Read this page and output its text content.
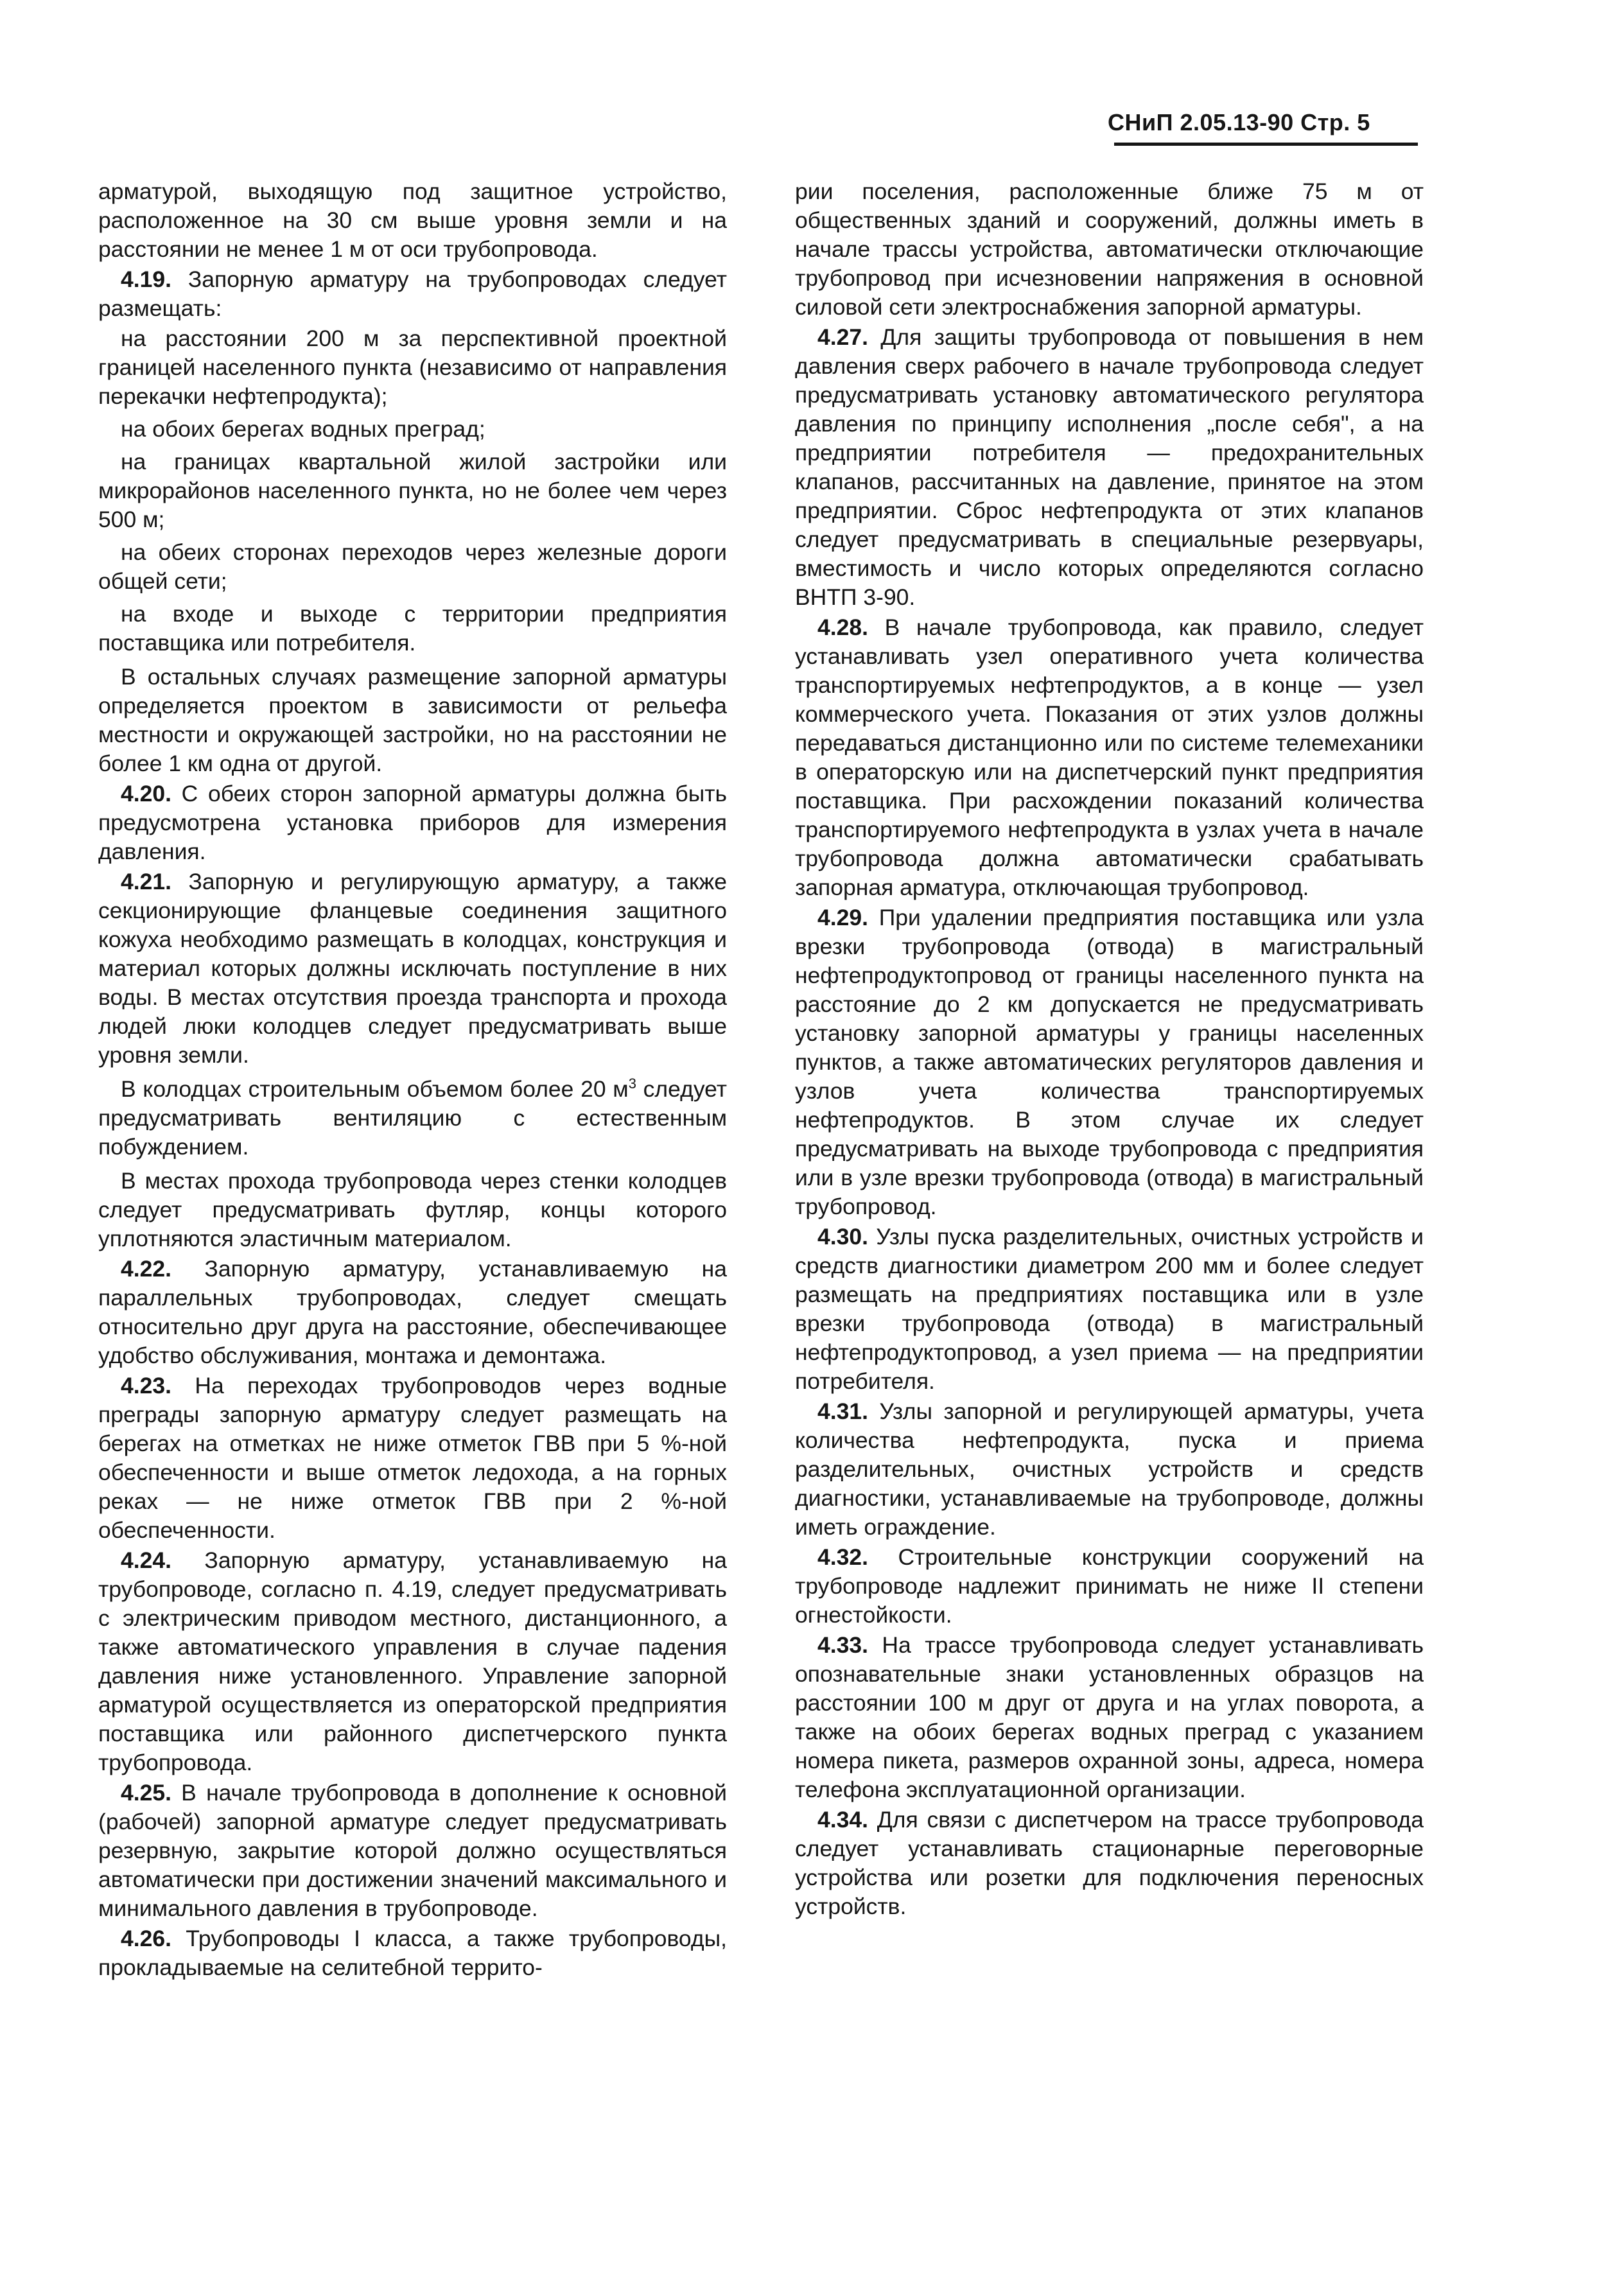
СНиП 2.05.13-90 Стр. 5

арматурой, выходящую под защитное устройство, расположенное на 30 см выше уровня земли и на расстоянии не менее 1 м от оси трубопровода.

4.19. Запорную арматуру на трубопроводах следует размещать:

на расстоянии 200 м за перспективной проектной границей населенного пункта (независимо от направления перекачки нефтепродукта);

на обоих берегах водных преград;

на границах квартальной жилой застройки или микрорайонов населенного пункта, но не более чем через 500 м;

на обеих сторонах переходов через железные дороги общей сети;

на входе и выходе с территории предприятия поставщика или потребителя.

В остальных случаях размещение запорной арматуры определяется проектом в зависимости от рельефа местности и окружающей застройки, но на расстоянии не более 1 км одна от другой.

4.20. С обеих сторон запорной арматуры должна быть предусмотрена установка приборов для измерения давления.

4.21. Запорную и регулирующую арматуру, а также секционирующие фланцевые соединения защитного кожуха необходимо размещать в колодцах, конструкция и материал которых должны исключать поступление в них воды. В местах отсутствия проезда транспорта и прохода людей люки колодцев следует предусматривать выше уровня земли.

В колодцах строительным объемом более 20 $м^3$ следует предусматривать вентиляцию с естественным побуждением.

В местах прохода трубопровода через стенки колодцев следует предусматривать футляр, концы которого уплотняются эластичным материалом.

4.22. Запорную арматуру, устанавливаемую на параллельных трубопроводах, следует смещать относительно друг друга на расстояние, обеспечивающее удобство обслуживания, монтажа и демонтажа.

4.23. На переходах трубопроводов через водные преграды запорную арматуру следует размещать на берегах на отметках не ниже отметок ГВВ при 5 %-ной обеспеченности и выше отметок ледохода, а на горных реках — не ниже отметок ГВВ при 2 %-ной обеспеченности.

4.24. Запорную арматуру, устанавливаемую на трубопроводе, согласно п. 4.19, следует предусматривать с электрическим приводом местного, дистанционного, а также автоматического управления в случае падения давления ниже установленного. Управление запорной арматурой осуществляется из операторской предприятия поставщика или районного диспетчерского пункта трубопровода.

4.25. В начале трубопровода в дополнение к основной (рабочей) запорной арматуре следует предусматривать резервную, закрытие которой должно осуществляться автоматически при достижении значений максимального и минимального давления в трубопроводе.

4.26. Трубопроводы I класса, а также трубопроводы, прокладываемые на селитебной террито-

рии поселения, расположенные ближе 75 м от общественных зданий и сооружений, должны иметь в начале трассы устройства, автоматически отключающие трубопровод при исчезновении напряжения в основной силовой сети электроснабжения запорной арматуры.

4.27. Для защиты трубопровода от повышения в нем давления сверх рабочего в начале трубопровода следует предусматривать установку автоматического регулятора давления по принципу исполнения „после себя", а на предприятии потребителя — предохранительных клапанов, рассчитанных на давление, принятое на этом предприятии. Сброс нефтепродукта от этих клапанов следует предусматривать в специальные резервуары, вместимость и число которых определяются согласно ВНТП 3-90.

4.28. В начале трубопровода, как правило, следует устанавливать узел оперативного учета количества транспортируемых нефтепродуктов, а в конце — узел коммерческого учета. Показания от этих узлов должны передаваться дистанционно или по системе телемеханики в операторскую или на диспетчерский пункт предприятия поставщика. При расхождении показаний количества транспортируемого нефтепродукта в узлах учета в начале трубопровода должна автоматически срабатывать запорная арматура, отключающая трубопровод.

4.29. При удалении предприятия поставщика или узла врезки трубопровода (отвода) в магистральный нефтепродуктопровод от границы населенного пункта на расстояние до 2 км допускается не предусматривать установку запорной арматуры у границы населенных пунктов, а также автоматических регуляторов давления и узлов учета количества транспортируемых нефтепродуктов. В этом случае их следует предусматривать на выходе трубопровода с предприятия или в узле врезки трубопровода (отвода) в магистральный трубопровод.

4.30. Узлы пуска разделительных, очистных устройств и средств диагностики диаметром 200 мм и более следует размещать на предприятиях поставщика или в узле врезки трубопровода (отвода) в магистральный нефтепродуктопровод, а узел приема — на предприятии потребителя.

4.31. Узлы запорной и регулирующей арматуры, учета количества нефтепродукта, пуска и приема разделительных, очистных устройств и средств диагностики, устанавливаемые на трубопроводе, должны иметь ограждение.

4.32. Строительные конструкции сооружений на трубопроводе надлежит принимать не ниже II степени огнестойкости.

4.33. На трассе трубопровода следует устанавливать опознавательные знаки установленных образцов на расстоянии 100 м друг от друга и на углах поворота, а также на обоих берегах водных преград с указанием номера пикета, размеров охранной зоны, адреса, номера телефона эксплуатационной организации.

4.34. Для связи с диспетчером на трассе трубопровода следует устанавливать стационарные переговорные устройства или розетки для подключения переносных устройств.
